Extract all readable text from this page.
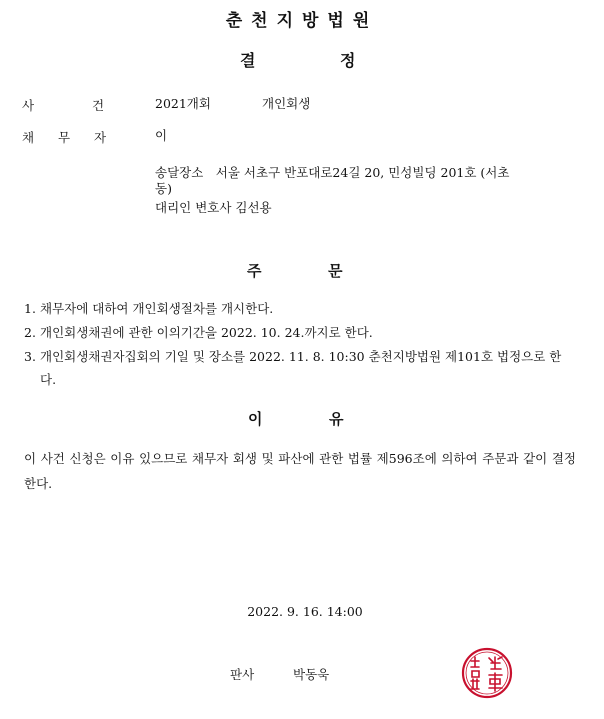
춘천지방법원
결	정
사	건	2021개회	개인회생
채 무 자	이
송달장소　서울 서초구 반포대로24길 20, 민성빌딩 201호 (서초
동)
대리인 변호사 김선용
주	문
1. 채무자에 대하여 개인회생절차를 개시한다.
2. 개인회생채권에 관한 이의기간을 2022. 10. 24.까지로 한다.
3. 개인회생채권자집회의 기일 및 장소를 2022. 11. 8. 10:30 춘천지방법원 제101호 법정으로 한다.
이	유
이 사건 신청은 이유 있으므로 채무자 회생 및 파산에 관한 법률 제596조에 의하여 주문과 같이 결정한다.
2022. 9. 16. 14:00
판사	박동욱
